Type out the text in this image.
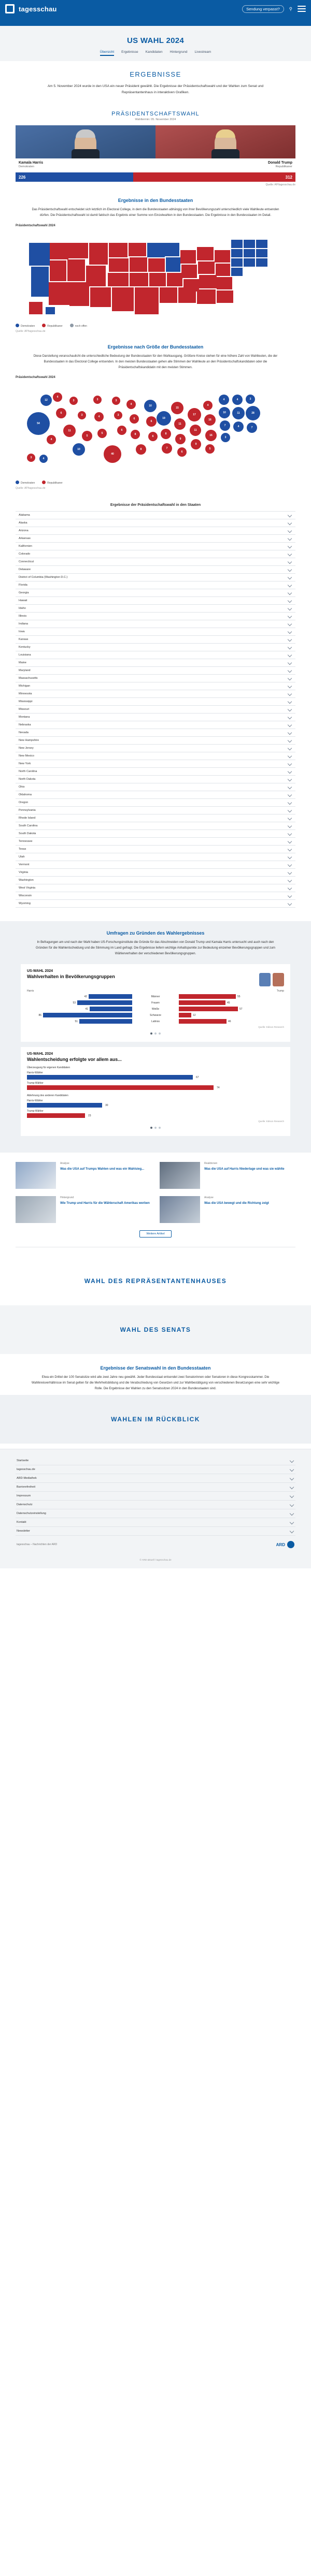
tagesschau	Sendung verpasst?	⚲
US WAHL 2024
Übersicht Ergebnisse Kandidaten Hintergrund Livestream
ERGEBNISSE

Am 5. November 2024 wurde in den USA ein neuer Präsident gewählt. Die Ergebnisse der Präsidentschaftswahl und der Wahlen zum Senat und Repräsentantenhaus in interaktiven Grafiken.

PRÄSIDENTSCHAFTSWAHL
Wahltermin: 05. November 2024
Kamala Harris
Demokraten
Donald Trump
Republikaner
226	312
Quelle: AP/tagesschau.de
Ergebnisse in den Bundesstaaten

Das Präsidentschaftswahl entscheidet sich letztlich im Electoral College, in dem die Bundesstaaten abhängig von ihrer Bevölkerungszahl unterschiedlich viele Wahlleute entsenden dürfen. Die Präsidentschaftswahl ist damit faktisch das Ergebnis einer Summe von Einzelwahlen in den Bundesstaaten. Die Ergebnisse in den Bundesstaaten im Detail.

Präsidentschaftswahl 2024
Demokraten	Republikaner	noch offen
Quelle: AP/tagesschau.de
Ergebnisse nach Größe der Bundesstaaten

Diese Darstellung veranschaulicht die unterschiedliche Bedeutung der Bundesstaaten für den Wahlausgang. Größere Kreise stehen für eine höhere Zahl von Wahlleuten, die der Bundesstaaten in das Electoral College entsenden. In den meisten Bundesstaaten gehen alle Stimmen der Wahlleute an den Präsidentschaftskandidaten oder die Präsidentschaftskandidatin mit den meisten Stimmen.

Präsidentschaftswahl 2024
54
12
4
6
4
11
3
3
5
10
3
4
5
40
3
3
6
4
6
8
8
10
6
6
19
8
7
15
11
9
6
17
11
9
4
16
16
5
4
10
7
3
4
11
4
3
28
7
3	4
Demokraten	Republikaner
Quelle: AP/tagesschau.de
Ergebnisse der Präsidentschaftswahl in den Staaten
Alabama
Alaska
Arizona
Arkansas
Kalifornien
Colorado
Connecticut
Delaware
District of Columbia (Washington D.C.)
Florida
Georgia
Hawaii
Idaho
Illinois
Indiana
Iowa
Kansas
Kentucky
Louisiana
Maine
Maryland
Massachusetts
Michigan
Minnesota
Mississippi
Missouri
Montana
Nebraska
Nevada
New Hampshire
New Jersey
New Mexico
New York
North Carolina
North Dakota
Ohio
Oklahoma
Oregon
Pennsylvania
Rhode Island
South Carolina
South Dakota
Tennessee
Texas
Utah
Vermont
Virginia
Washington
West Virginia
Wisconsin
Wyoming
Umfragen zu Gründen des Wahlergebnisses

In Befragungen am und nach der Wahl haben US-Forschungsinstitute die Gründe für das Abschneiden von Donald Trump und Kamala Harris untersucht und auch nach den Gründen für die Wahlentscheidung und die Stimmung im Land gefragt. Die Ergebnisse liefern wichtige Anhaltspunkte zur Bedeutung einzelner Bevölkerungsgruppen und zum Wählerverhalten der verschiedenen Bevölkerungsgruppen.

US-WAHL 2024
Wahlverhalten in Bevölkerungsgruppen
Harris	Trump
42	Männer	55
53	Frauen	45
41	Weiße	57
86	Schwarze	12
51	Latinos	46
Quelle: Edison Research
US-WAHL 2024
Wahlentscheidung erfolgte vor allem aus...
Überzeugung für eigenen Kandidaten
Harris-Wähler
67
Trump-Wähler
74
Ablehnung des anderen Kandidaten
Harris-Wähler
30
Trump-Wähler
23
Quelle: Edison Research
Analyse
Was die USA auf Trumps Wahlen und was ein Wahlsieg...
Reaktionen
Was die USA auf Harris Niederlage und was sie wählte
Hintergrund
Wie Trump und Harris für die Wählerschaft Amerikas werben
Analyse
Was die USA bewegt und die Richtung zeigt
Weitere Artikel
WAHL DES REPRÄSENTANTENHAUSES
WAHL DES SENATS
Ergebnisse der Senatswahl in den Bundesstaaten

Etwa ein Drittel der 100 Senatsitze wird alle zwei Jahre neu gewählt. Jeder Bundesstaat entsendet zwei Senatorinnen oder Senatoren in diese Kongresskammer. Die Wahlkreisverhältnisse im Senat gelten für die Mehrheitsbildung und die Verabschiedung von Gesetzen und zur Wahlbestätigung von verschiedenen Besetzungen eine sehr wichtige Rolle. Die Ergebnisse der Wahlen zu den Senatssitzen 2024 in den Bundesstaaten sind.

WAHLEN IM RÜCKBLICK
Startseite
tagesschau.de
ARD-Mediathek
Barrierefreiheit
Impressum
Datenschutz
Datenschutzeinstellung
Kontakt
Newsletter
tagesschau – Nachrichten der ARD	ARD
© ARD-aktuell / tagesschau.de
